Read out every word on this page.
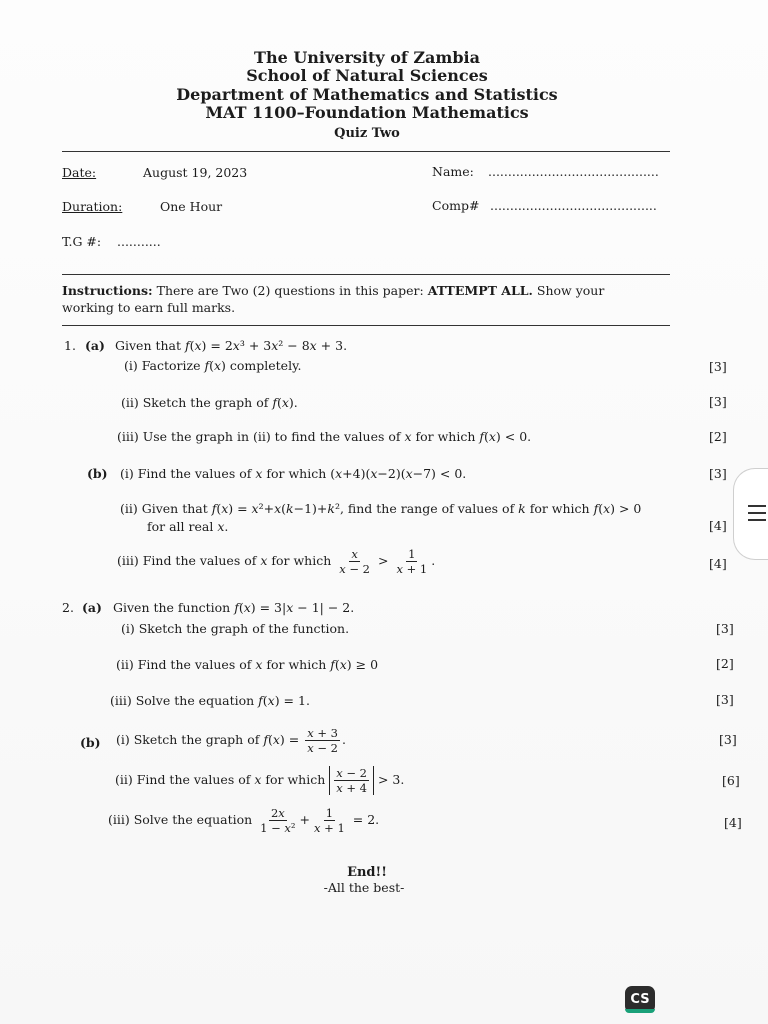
The University of Zambia
School of Natural Sciences
Department of Mathematics and Statistics
MAT 1100–Foundation Mathematics
Quiz Two
Date:	August 19, 2023	Name: ...........................................
Duration:	One Hour	Comp# ..........................................
T.G #: ...........
Instructions: There are Two (2) questions in this paper: ATTEMPT ALL. Show your
working to earn full marks.
1. (a) Given that 𝑓(𝑥) = 2𝑥³ + 3𝑥² − 8𝑥 + 3.
(i) Factorize 𝑓(𝑥) completely.	[3]
(ii) Sketch the graph of 𝑓(𝑥).	[3]
(iii) Use the graph in (ii) to find the values of 𝑥 for which 𝑓(𝑥) < 0.	[2]
(b) (i) Find the values of 𝑥 for which (𝑥+4)(𝑥−2)(𝑥−7) < 0.	[3]
(ii) Given that 𝑓(𝑥) = 𝑥²+𝑥(𝑘−1)+𝑘², find the range of values of 𝑘 for which 𝑓(𝑥) > 0
for all real 𝑥.	[4]
(iii) Find the values of 𝑥 for which $\frac{\text{𝑥}}{\text{𝑥 − 2}} > \frac{1}{\text{𝑥 + 1}}$ .	[4]
2. (a) Given the function 𝑓(𝑥) = 3|𝑥 − 1| − 2.
(i) Sketch the graph of the function.	[3]
(ii) Find the values of 𝑥 for which 𝑓(𝑥) ≥ 0	[2]
(iii) Solve the equation 𝑓(𝑥) = 1.	[3]
(b) (i) Sketch the graph of 𝑓(𝑥) = $\frac{\text{𝑥 + 3}}{\text{𝑥 − 2}}$ .	[3]
(ii) Find the values of 𝑥 for which $\frac{\text{𝑥 − 2}}{\text{𝑥 + 4}} > 3$.	[6]
(iii) Solve the equation $\frac{\text{2𝑥}}{\text{1 − 𝑥²}} + \frac{1}{\text{𝑥 + 1}} = 2$.	[4]
End!!
-All the best-
CS
